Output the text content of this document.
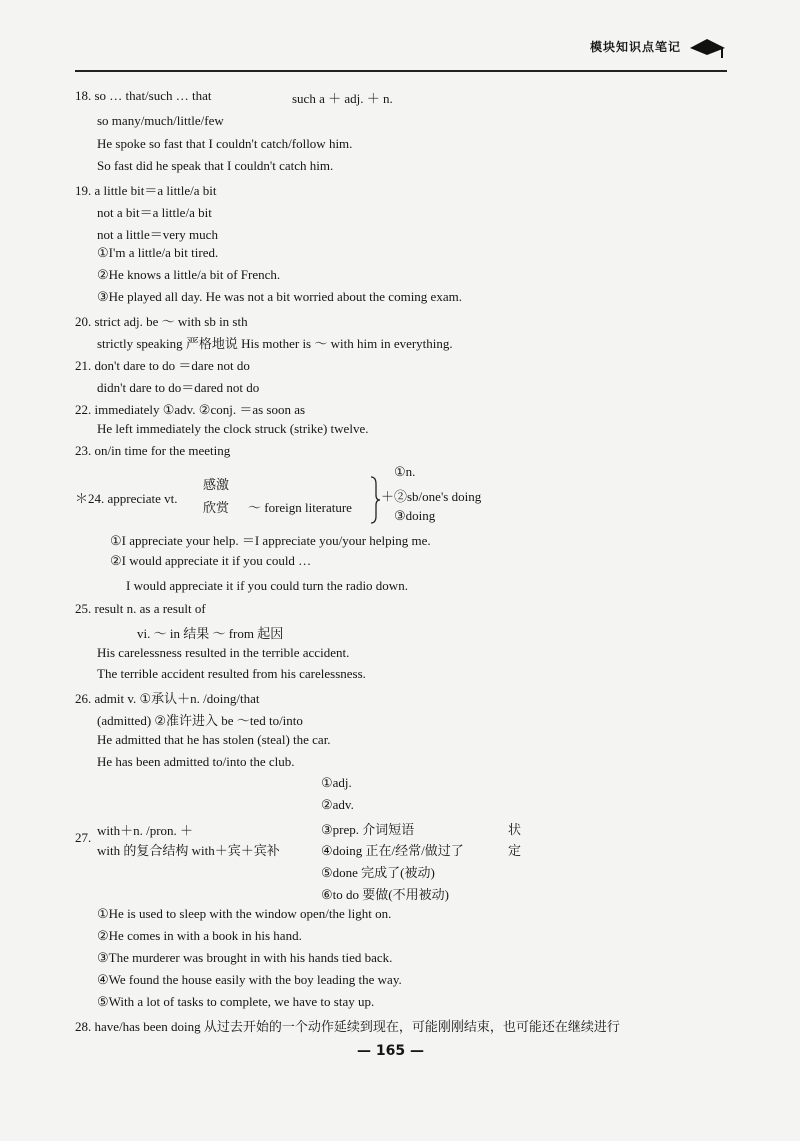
模块知识点笔记
18. so … that/such … that	such a ＋ adj. ＋ n.
so many/much/little/few
He spoke so fast that I couldn't catch/follow him.
So fast did he speak that I couldn't catch him.
19. a little bit＝a little/a bit
not a bit＝a little/a bit
not a little＝very much
①I'm a little/a bit tired.
②He knows a little/a bit of French.
③He played all day. He was not a bit worried about the coming exam.
20. strict adj. be ～ with sb in sth
strictly speaking 严格地说 His mother is ～ with him in everything.
21. don't dare to do ＝dare not do
didn't dare to do＝dared not do
22. immediately ①adv. ②conj. ＝as soon as
He left immediately the clock struck (strike) twelve.
23. on/in time for the meeting
＊24. appreciate vt.
感激
欣赏 ～ foreign literature
①n.
＋②sb/one's doing
③doing
①I appreciate your help. ＝I appreciate you/your helping me.
②I would appreciate it if you could …
I would appreciate it if you could turn the radio down.
25. result n. as a result of
vi. ～ in 结果 ～ from 起因
His carelessness resulted in the terrible accident.
The terrible accident resulted from his carelessness.
26. admit v. ①承认＋n. /doing/that
(admitted) ②准许进入 be ～ted to/into
He admitted that he has stolen (steal) the car.
He has been admitted to/into the club.
①adj.
②adv.
③prep. 介词短语
27. with＋n. /pron. ＋
with 的复合结构 with＋宾＋宾补	④doing 正在/经常/做过了
状
定
⑤done 完成了(被动)
⑥to do 要做(不用被动)
①He is used to sleep with the window open/the light on.
②He comes in with a book in his hand.
③The murderer was brought in with his hands tied back.
④We found the house easily with the boy leading the way.
⑤With a lot of tasks to complete, we have to stay up.
28. have/has been doing 从过去开始的一个动作延续到现在，可能刚刚结束，也可能还在继续进行
— 165 —
